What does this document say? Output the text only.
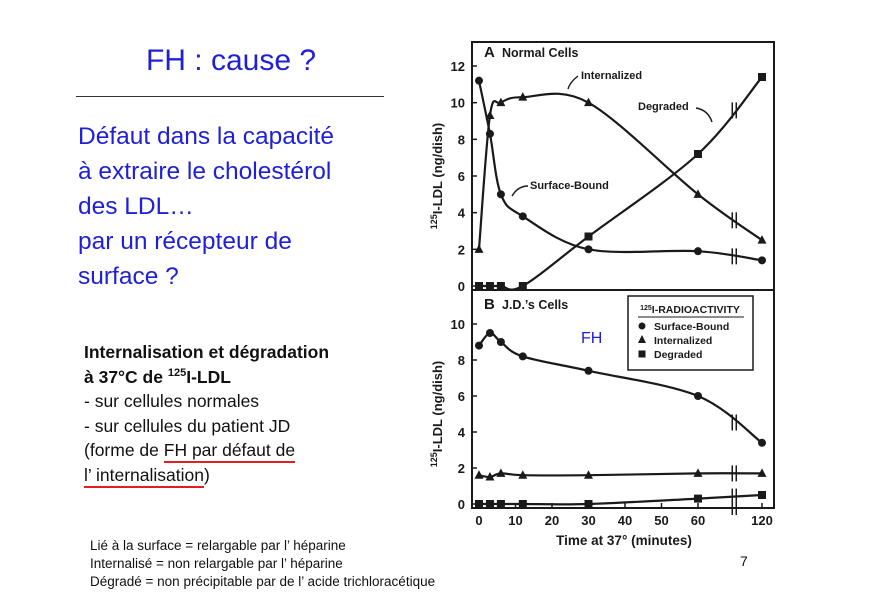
FH : cause ?
Défaut dans la capacité
à extraire le cholestérol
des LDL…
par un récepteur de
surface ?
Internalisation et dégradation
à 37°C de $^{125}$I-LDL
- sur cellules normales
- sur cellules du patient JD
(forme de FH par défaut de
l’ internalisation)
Lié à la surface = relargable par l’ héparine
Internalisé = non relargable par l’ héparine
Dégradé = non précipitable par de l’ acide trichloracétique
7
0
2
4
6
8
10
12
$^{125}$I-LDL (ng/dish)
A Normal Cells
0
2
4
6
8
10
$^{125}$I-LDL (ng/dish)
B J.D.’s Cells
Internalized
Surface-Bound
Degraded
FH
$^{125}$I-RADIOACTIVITY
Surface-Bound
Internalized
Degraded
0 10 20 30 40 50 60	120
Time at 37° (minutes)
